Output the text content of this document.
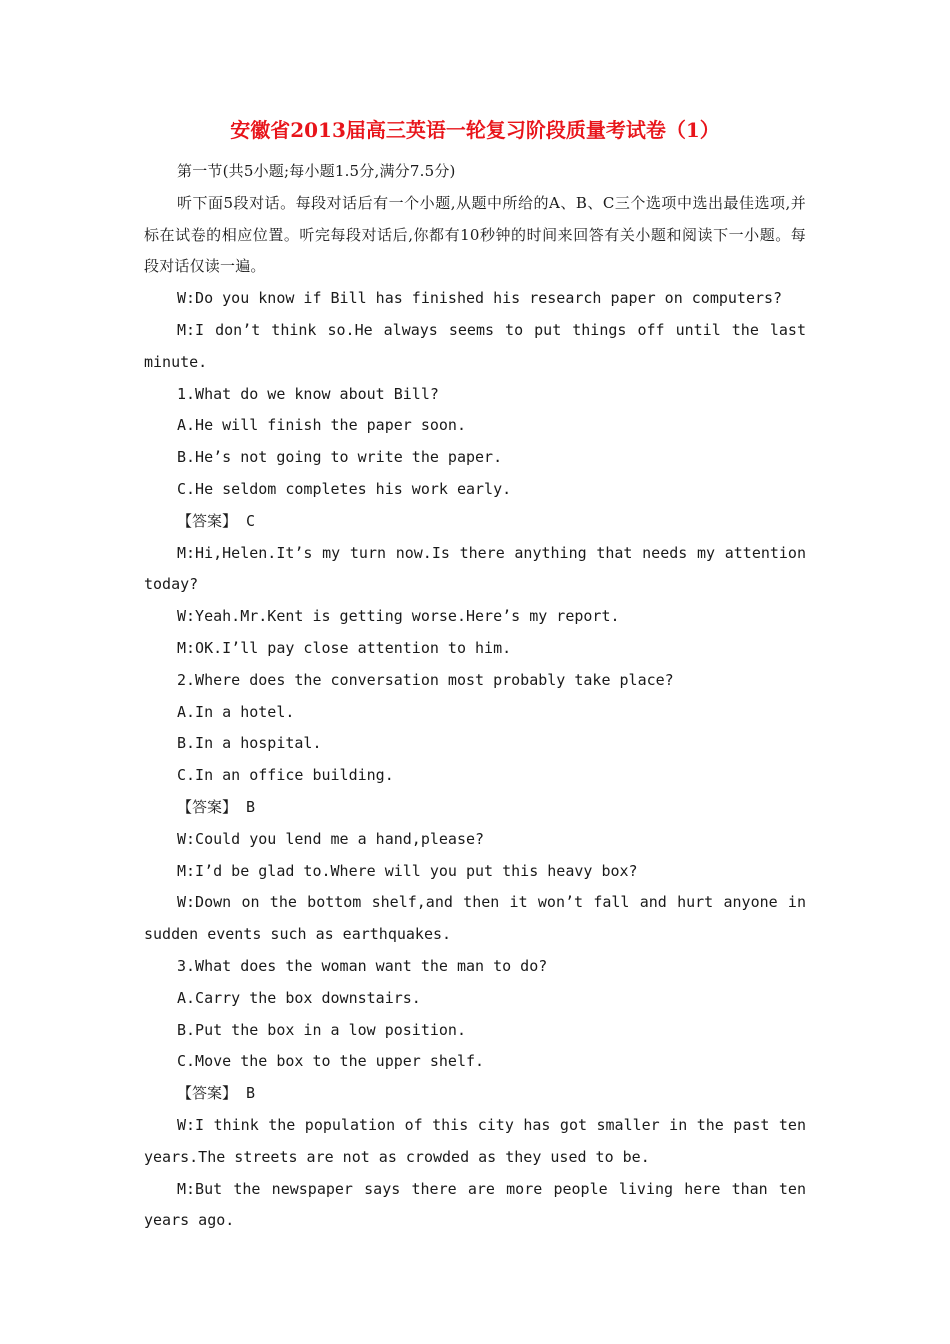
安徽省2013届高三英语一轮复习阶段质量考试卷（1）

第一节(共5小题;每小题1.5分,满分7.5分)

听下面5段对话。每段对话后有一个小题,从题中所给的A、B、C三个选项中选出最佳选项,并标在试卷的相应位置。听完每段对话后,你都有10秒钟的时间来回答有关小题和阅读下一小题。每段对话仅读一遍。

W:Do you know if Bill has finished his research paper on computers?

M:I don’t think so.He always seems to put things off until the last minute.

1.What do we know about Bill?

A.He will finish the paper soon.

B.He’s not going to write the paper.

C.He seldom completes his work early.

【答案】 C

M:Hi,Helen.It’s my turn now.Is there anything that needs my attention today?

W:Yeah.Mr.Kent is getting worse.Here’s my report.

M:OK.I’ll pay close attention to him.

2.Where does the conversation most probably take place?

A.In a hotel.

B.In a hospital.

C.In an office building.

【答案】 B

W:Could you lend me a hand,please?

M:I’d be glad to.Where will you put this heavy box?

W:Down on the bottom shelf,and then it won’t fall and hurt anyone in sudden events such as earthquakes.

3.What does the woman want the man to do?

A.Carry the box downstairs.

B.Put the box in a low position.

C.Move the box to the upper shelf.

【答案】 B

W:I think the population of this city has got smaller in the past ten years.The streets are not as crowded as they used to be.

M:But the newspaper says there are more people living here than ten years ago.
